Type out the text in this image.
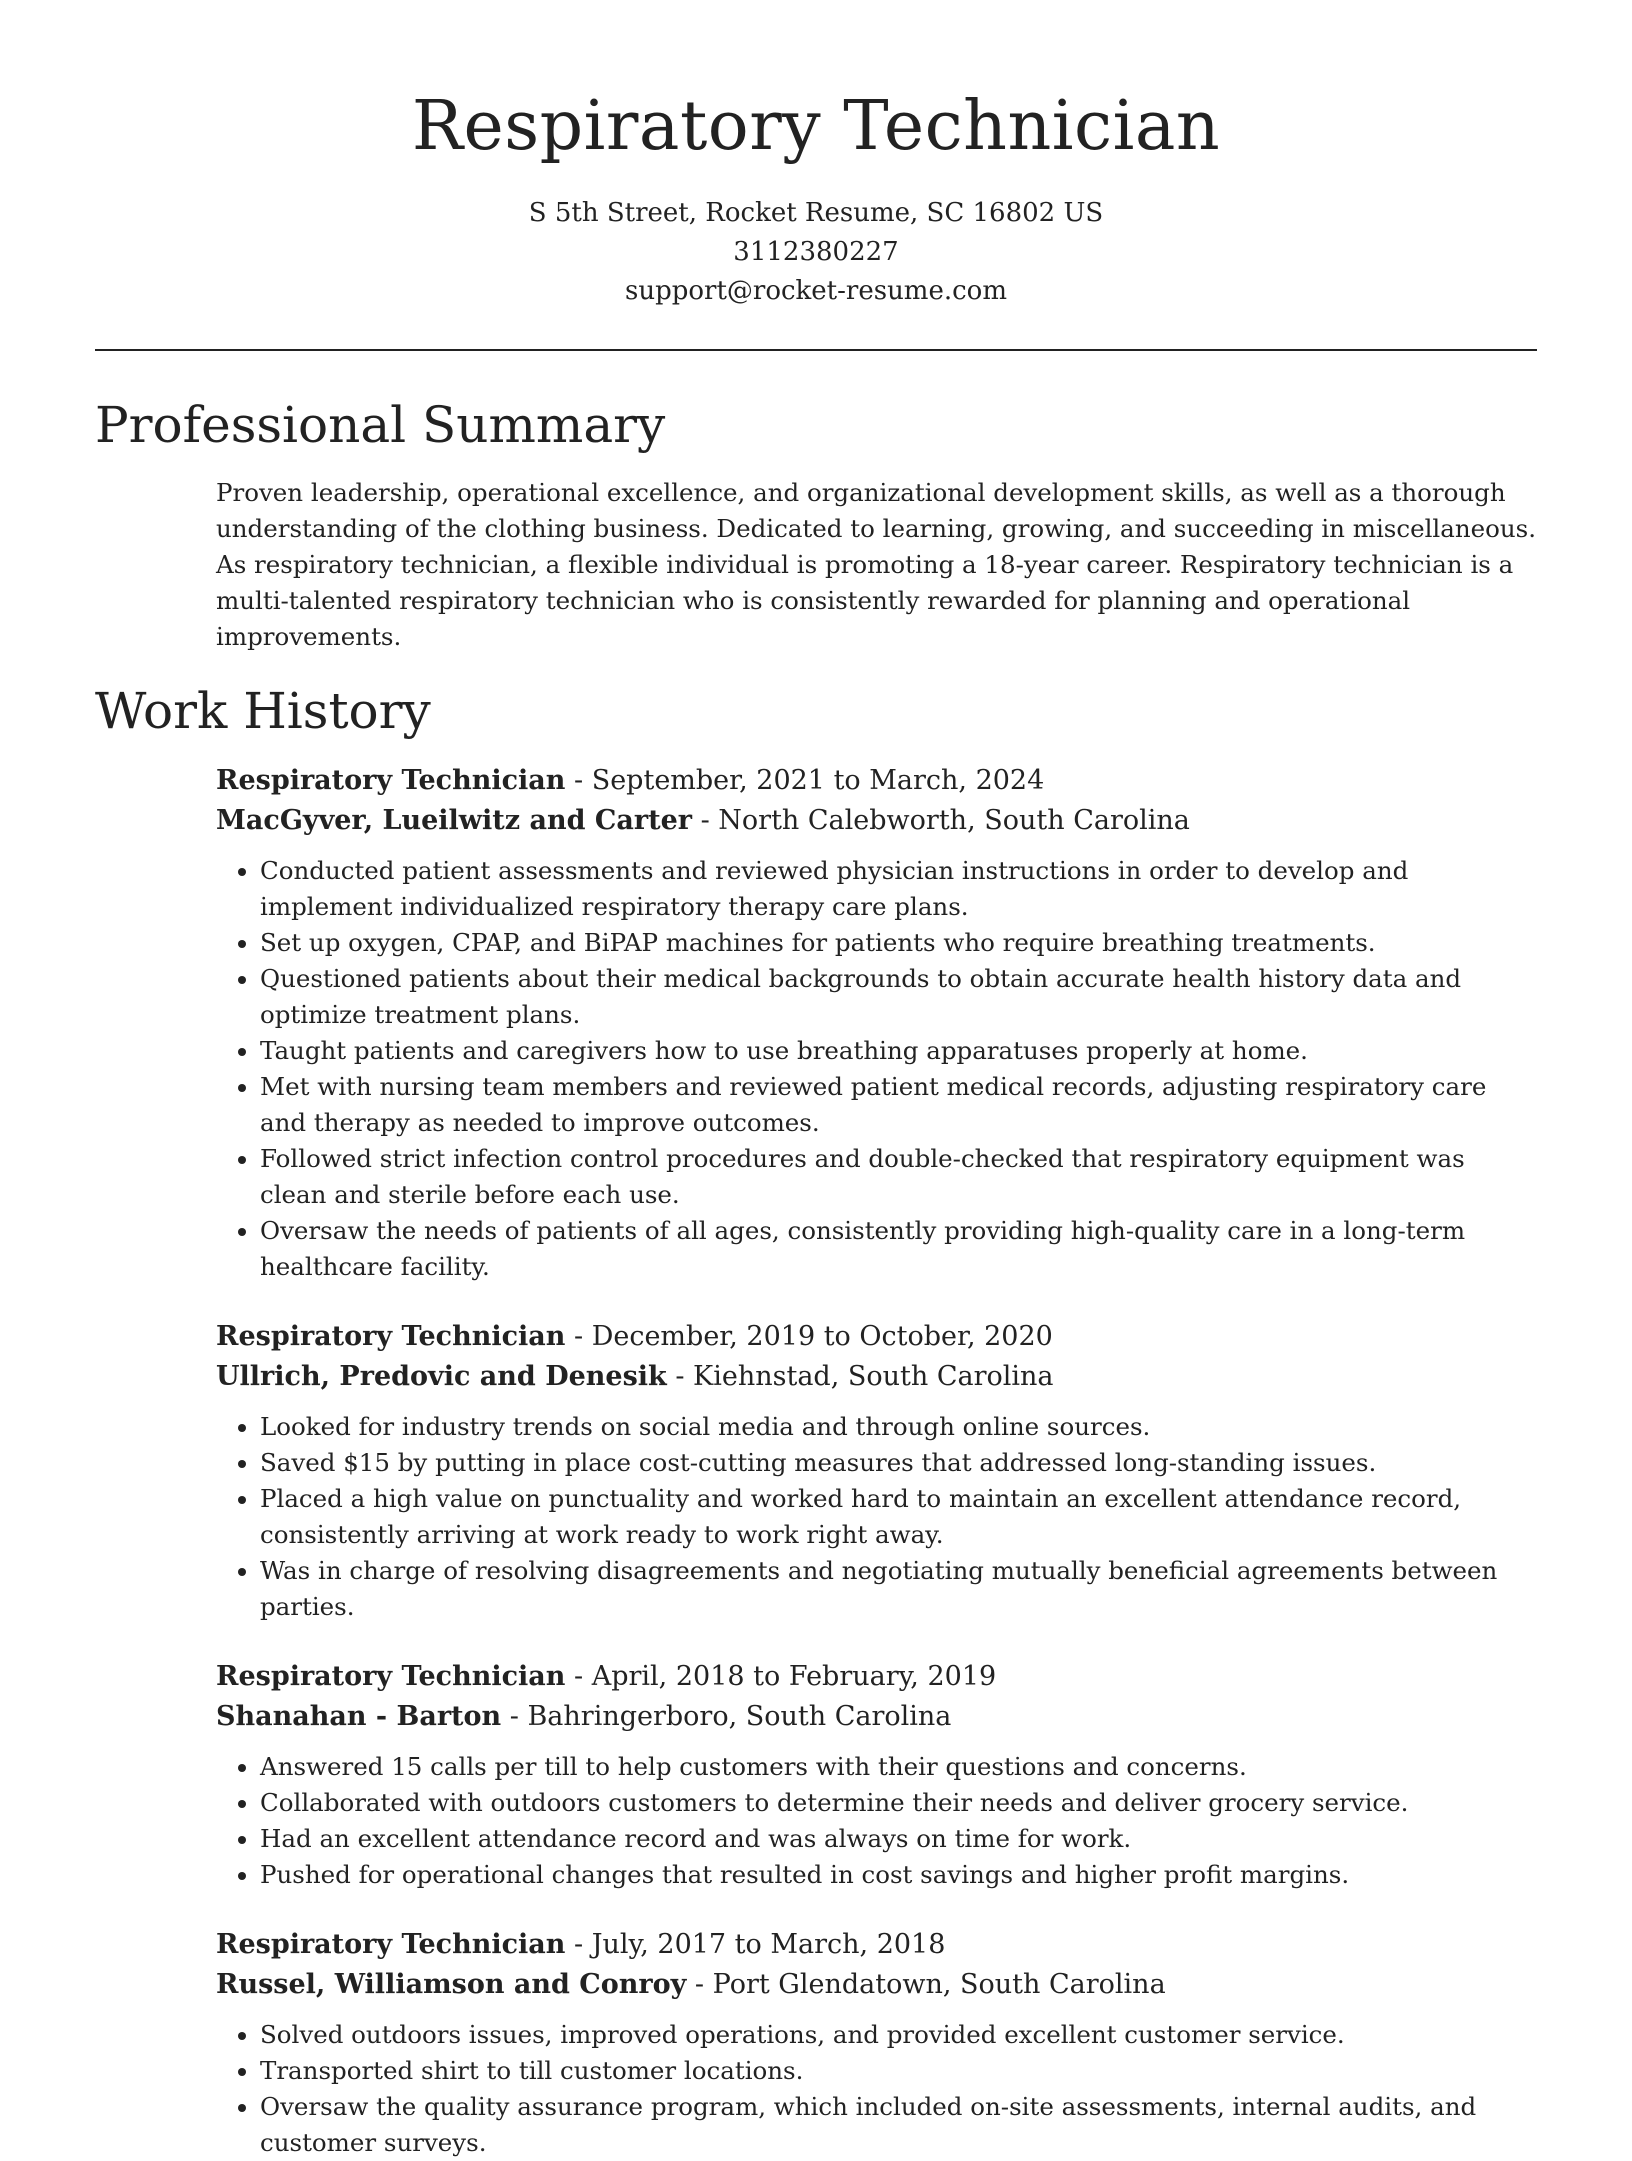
Respiratory Technician
S 5th Street, Rocket Resume, SC 16802 US
3112380227
support@rocket-resume.com
Professional Summary
Proven leadership, operational excellence, and organizational development skills, as well as a thorough understanding of the clothing business. Dedicated to learning, growing, and succeeding in miscellaneous. As respiratory technician, a flexible individual is promoting a 18-year career. Respiratory technician is a multi-talented respiratory technician who is consistently rewarded for planning and operational improvements.
Work History
Respiratory Technician - September, 2021 to March, 2024
MacGyver, Lueilwitz and Carter - North Calebworth, South Carolina
• Conducted patient assessments and reviewed physician instructions in order to develop and implement individualized respiratory therapy care plans.
• Set up oxygen, CPAP, and BiPAP machines for patients who require breathing treatments.
• Questioned patients about their medical backgrounds to obtain accurate health history data and optimize treatment plans.
• Taught patients and caregivers how to use breathing apparatuses properly at home.
• Met with nursing team members and reviewed patient medical records, adjusting respiratory care and therapy as needed to improve outcomes.
• Followed strict infection control procedures and double-checked that respiratory equipment was clean and sterile before each use.
• Oversaw the needs of patients of all ages, consistently providing high-quality care in a long-term healthcare facility.
Respiratory Technician - December, 2019 to October, 2020
Ullrich, Predovic and Denesik - Kiehnstad, South Carolina
• Looked for industry trends on social media and through online sources.
• Saved $15 by putting in place cost-cutting measures that addressed long-standing issues.
• Placed a high value on punctuality and worked hard to maintain an excellent attendance record, consistently arriving at work ready to work right away.
• Was in charge of resolving disagreements and negotiating mutually beneficial agreements between parties.
Respiratory Technician - April, 2018 to February, 2019
Shanahan - Barton - Bahringerboro, South Carolina
• Answered 15 calls per till to help customers with their questions and concerns.
• Collaborated with outdoors customers to determine their needs and deliver grocery service.
• Had an excellent attendance record and was always on time for work.
• Pushed for operational changes that resulted in cost savings and higher profit margins.
Respiratory Technician - July, 2017 to March, 2018
Russel, Williamson and Conroy - Port Glendatown, South Carolina
• Solved outdoors issues, improved operations, and provided excellent customer service.
• Transported shirt to till customer locations.
• Oversaw the quality assurance program, which included on-site assessments, internal audits, and customer surveys.
